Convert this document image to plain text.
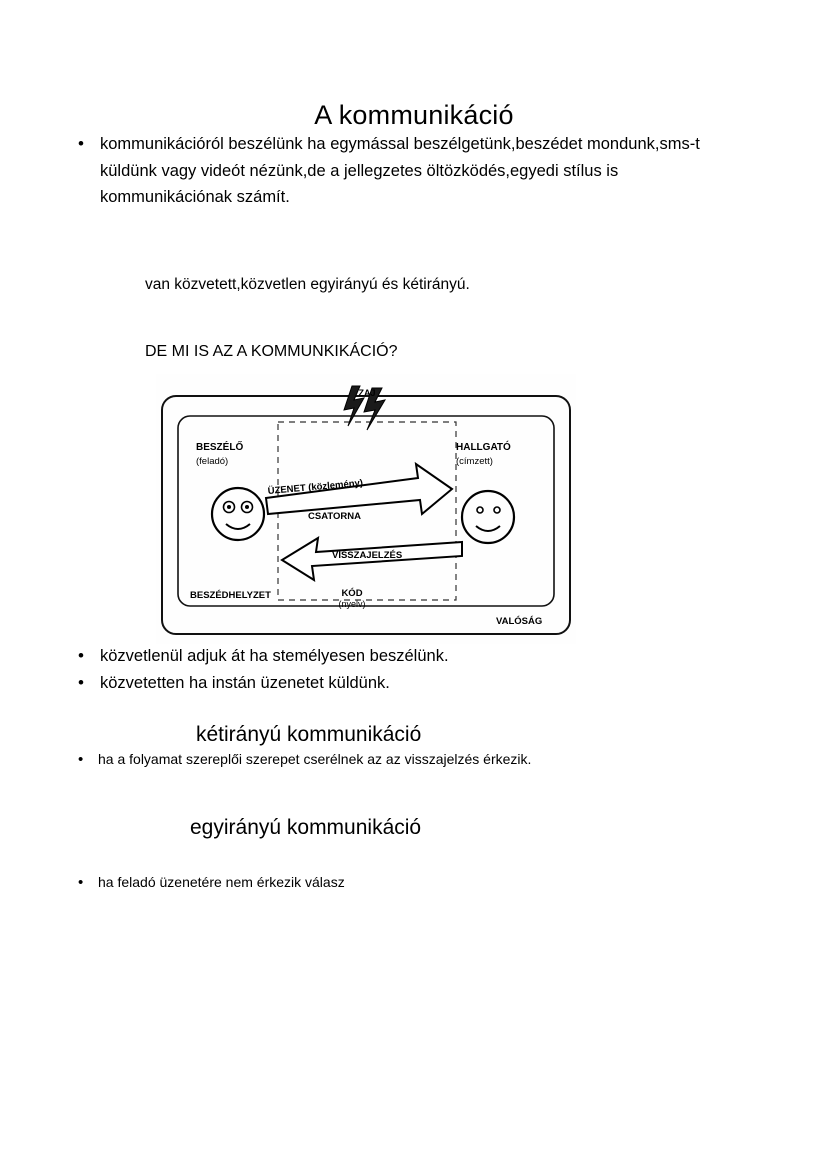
A kommunikáció
• kommunikációról beszélünk ha egymással beszélgetünk,beszédet mondunk,sms-t küldünk vagy videót nézünk,de a jellegzetes öltözködés,egyedi stílus is kommunikációnak számít.
van közvetett,közvetlen egyirányú és kétirányú.
DE MI IS AZ A KOMMUNKIKÁCIÓ?
ZAJ
BESZÉLŐ
(feladó)
HALLGATÓ
(címzett)
ÜZENET (közlemény)
CSATORNA
VISSZAJELZÉS
KÓD
(nyelv)
BESZÉDHELYZET
VALÓSÁG
• közvetlenül adjuk át ha stemélyesen beszélünk.
• közvetetten ha instán üzenetet küldünk.
kétirányú kommunikáció
• ha a folyamat szereplői szerepet cserélnek az az visszajelzés érkezik.
egyirányú kommunikáció
• ha feladó üzenetére nem érkezik válasz
